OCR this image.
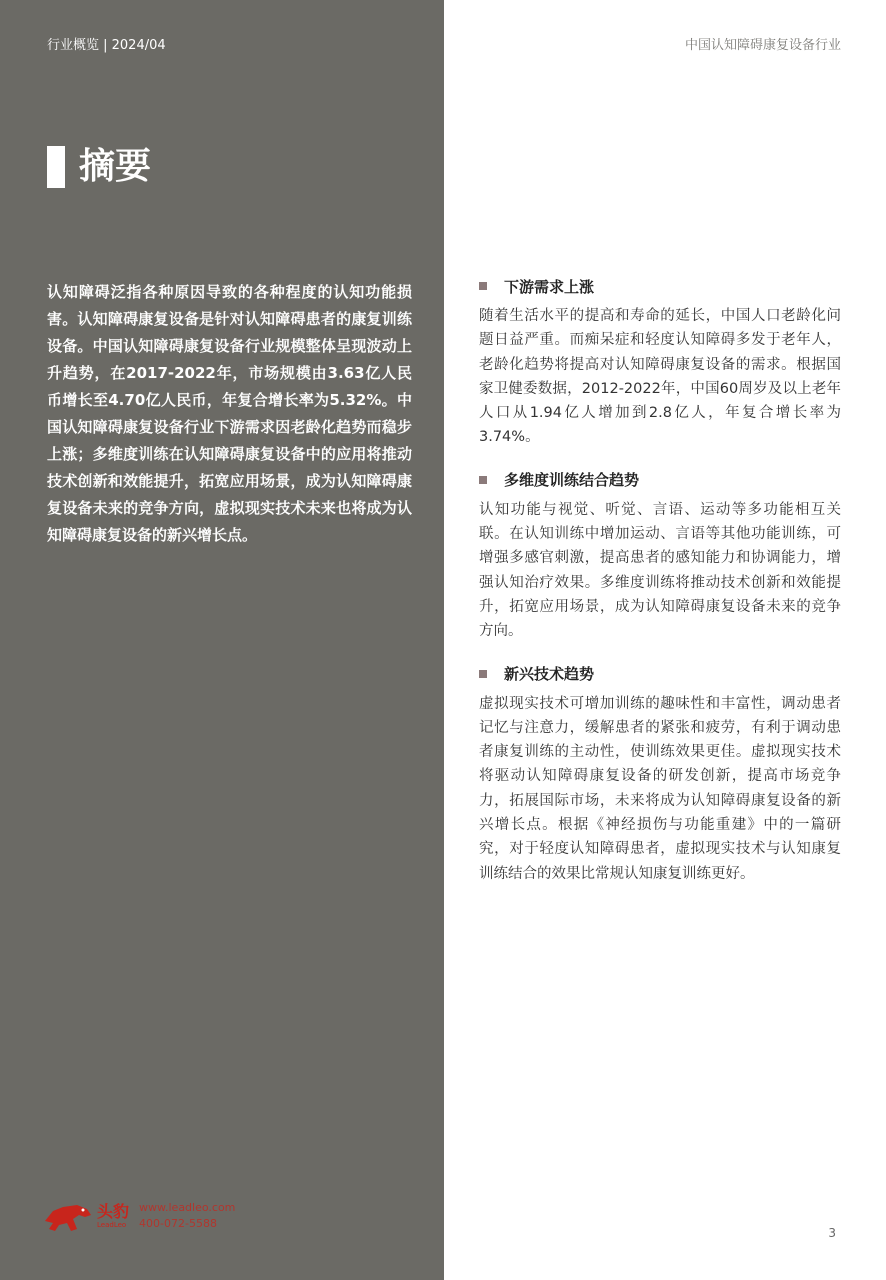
行业概览 | 2024/04	中国认知障碍康复设备行业
摘要
认知障碍泛指各种原因导致的各种程度的认知功能损害。认知障碍康复设备是针对认知障碍患者的康复训练设备。中国认知障碍康复设备行业规模整体呈现波动上升趋势，在2017-2022年，市场规模由3.63亿人民币增长至4.70亿人民币，年复合增长率为5.32%。中国认知障碍康复设备行业下游需求因老龄化趋势而稳步上涨；多维度训练在认知障碍康复设备中的应用将推动技术创新和效能提升，拓宽应用场景，成为认知障碍康复设备未来的竞争方向，虚拟现实技术未来也将成为认知障碍康复设备的新兴增长点。
下游需求上涨
随着生活水平的提高和寿命的延长，中国人口老龄化问题日益严重。而痴呆症和轻度认知障碍多发于老年人，老龄化趋势将提高对认知障碍康复设备的需求。根据国家卫健委数据，2012-2022年，中国60周岁及以上老年人口从1.94亿人增加到2.8亿人，年复合增长率为3.74%。
多维度训练结合趋势
认知功能与视觉、听觉、言语、运动等多功能相互关联。在认知训练中增加运动、言语等其他功能训练，可增强多感官刺激，提高患者的感知能力和协调能力，增强认知治疗效果。多维度训练将推动技术创新和效能提升，拓宽应用场景，成为认知障碍康复设备未来的竞争方向。
新兴技术趋势
虚拟现实技术可增加训练的趣味性和丰富性，调动患者记忆与注意力，缓解患者的紧张和疲劳，有利于调动患者康复训练的主动性，使训练效果更佳。虚拟现实技术将驱动认知障碍康复设备的研发创新，提高市场竞争力，拓展国际市场，未来将成为认知障碍康复设备的新兴增长点。根据《神经损伤与功能重建》中的一篇研究，对于轻度认知障碍患者，虚拟现实技术与认知康复训练结合的效果比常规认知康复训练更好。
头豹
LeadLeo
www.leadleo.com
400-072-5588
3
